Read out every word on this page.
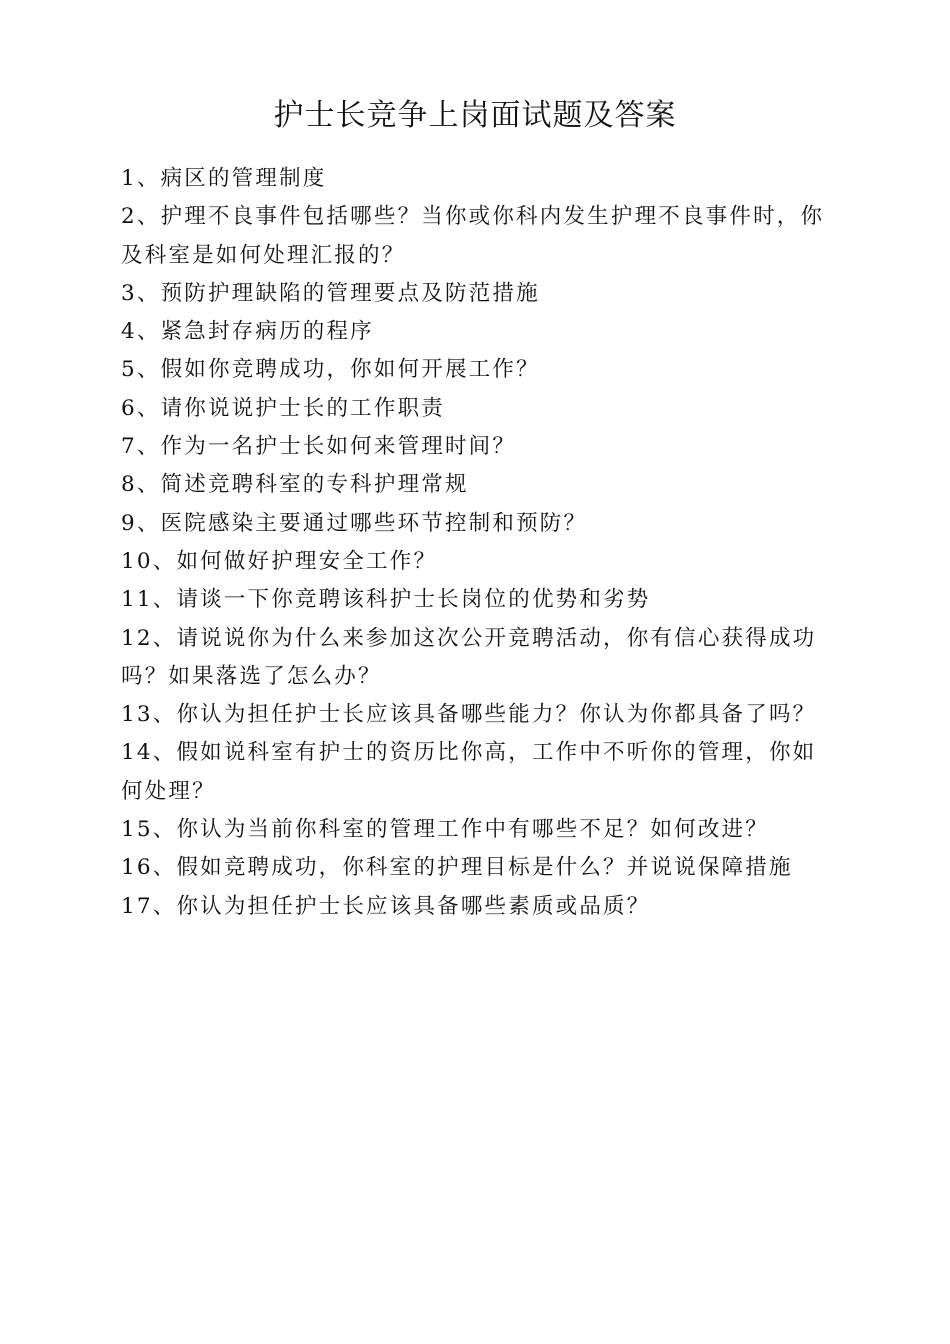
护士长竞争上岗面试题及答案
1、病区的管理制度
2、护理不良事件包括哪些？当你或你科内发生护理不良事件时，你及科室是如何处理汇报的？
3、预防护理缺陷的管理要点及防范措施
4、紧急封存病历的程序
5、假如你竞聘成功，你如何开展工作？
6、请你说说护士长的工作职责
7、作为一名护士长如何来管理时间？
8、简述竞聘科室的专科护理常规
9、医院感染主要通过哪些环节控制和预防？
10、如何做好护理安全工作？
11、请谈一下你竞聘该科护士长岗位的优势和劣势
12、请说说你为什么来参加这次公开竞聘活动，你有信心获得成功吗？如果落选了怎么办？
13、你认为担任护士长应该具备哪些能力？你认为你都具备了吗？
14、假如说科室有护士的资历比你高，工作中不听你的管理，你如何处理？
15、你认为当前你科室的管理工作中有哪些不足？如何改进？
16、假如竞聘成功，你科室的护理目标是什么？并说说保障措施
17、你认为担任护士长应该具备哪些素质或品质？
